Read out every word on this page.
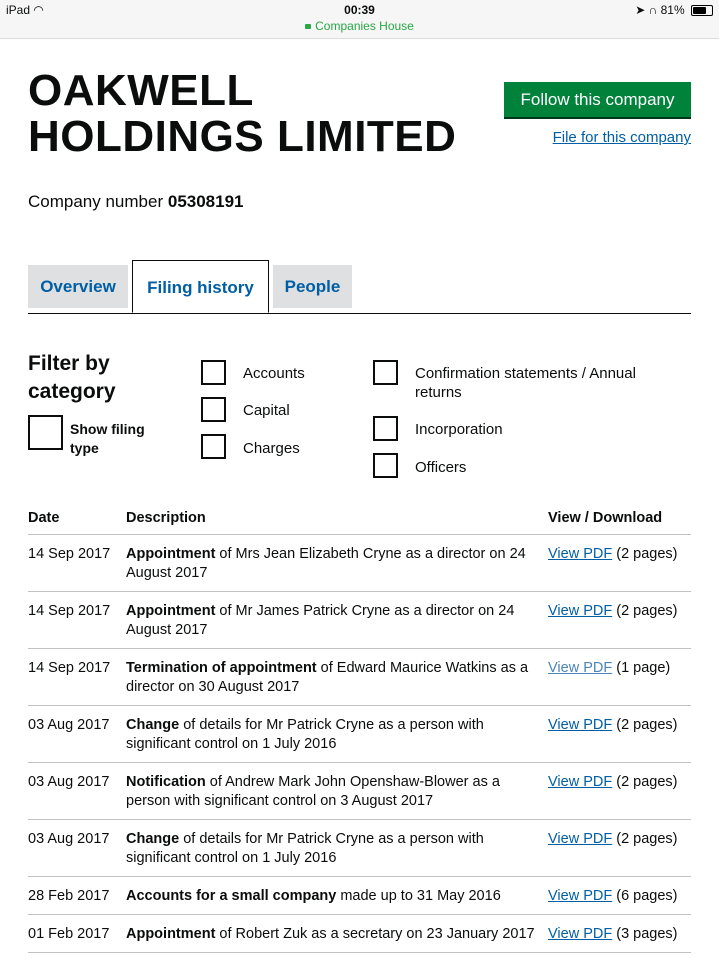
iPad ◠	00:39
Companies House
➤ ∩ 81%
OAKWELL HOLDINGS LIMITED
Follow this company
File for this company
Company number 05308191
Overview	Filing history	People
Filter by category
Show filing type
Accounts
Capital
Charges
Confirmation statements / Annual returns
Incorporation
Officers
Date	Description	View / Download
14 Sep 2017	Appointment of Mrs Jean Elizabeth Cryne as a director on 24 August 2017	View PDF (2 pages)
14 Sep 2017	Appointment of Mr James Patrick Cryne as a director on 24 August 2017	View PDF (2 pages)
14 Sep 2017	Termination of appointment of Edward Maurice Watkins as a director on 30 August 2017	View PDF (1 page)
03 Aug 2017	Change of details for Mr Patrick Cryne as a person with significant control on 1 July 2016	View PDF (2 pages)
03 Aug 2017	Notification of Andrew Mark John Openshaw-Blower as a person with significant control on 3 August 2017	View PDF (2 pages)
03 Aug 2017	Change of details for Mr Patrick Cryne as a person with significant control on 1 July 2016	View PDF (2 pages)
28 Feb 2017	Accounts for a small company made up to 31 May 2016	View PDF (6 pages)
01 Feb 2017	Appointment of Robert Zuk as a secretary on 23 January 2017	View PDF (3 pages)
